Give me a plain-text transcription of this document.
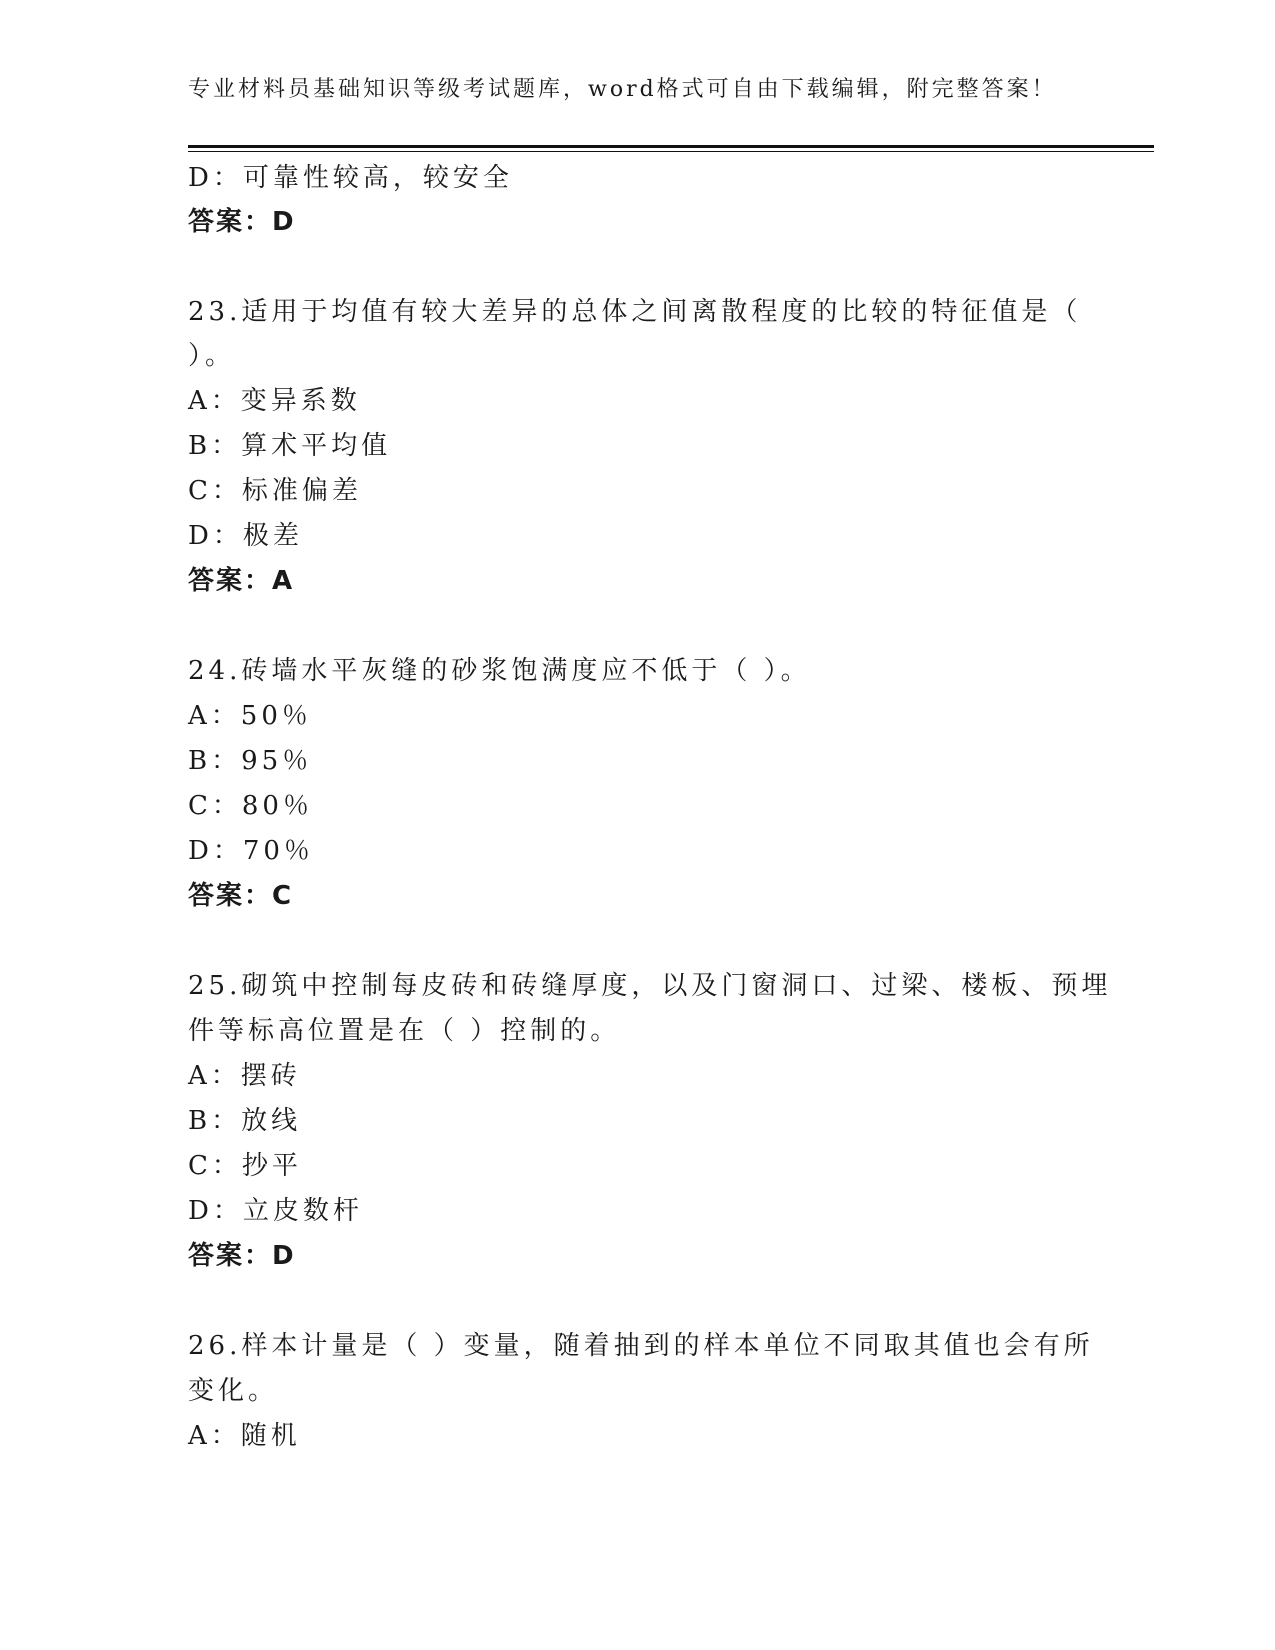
专业材料员基础知识等级考试题库，word格式可自由下载编辑，附完整答案！
D：可靠性较高，较安全
答案：D
23.适用于均值有较大差异的总体之间离散程度的比较的特征值是（
）。
A：变异系数
B：算术平均值
C：标准偏差
D：极差
答案：A
24.砖墙水平灰缝的砂浆饱满度应不低于（ ）。
A：50％
B：95％
C：80％
D：70％
答案：C
25.砌筑中控制每皮砖和砖缝厚度，以及门窗洞口、过梁、楼板、预埋
件等标高位置是在（ ）控制的。
A：摆砖
B：放线
C：抄平
D：立皮数杆
答案：D
26.样本计量是（ ）变量，随着抽到的样本单位不同取其值也会有所
变化。
A：随机
